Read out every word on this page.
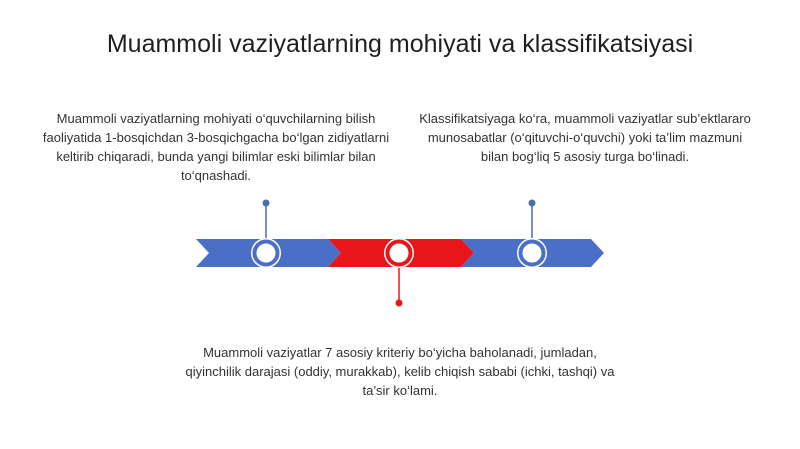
Muammoli vaziyatlarning mohiyati va klassifikatsiyasi
Muammoli vaziyatlarning mohiyati o‘quvchilarning bilish faoliyatida 1-bosqichdan 3-bosqichgacha bo‘lgan zidiyatlarni keltirib chiqaradi, bunda yangi bilimlar eski bilimlar bilan to‘qnashadi.
Klassifikatsiyaga ko‘ra, muammoli vaziyatlar sub’ektlararo munosabatlar (o‘qituvchi-o‘quvchi) yoki ta’lim mazmuni bilan bog‘liq 5 asosiy turga bo‘linadi.
Muammoli vaziyatlar 7 asosiy kriteriy bo‘yicha baholanadi, jumladan, qiyinchilik darajasi (oddiy, murakkab), kelib chiqish sababi (ichki, tashqi) va ta’sir ko‘lami.
